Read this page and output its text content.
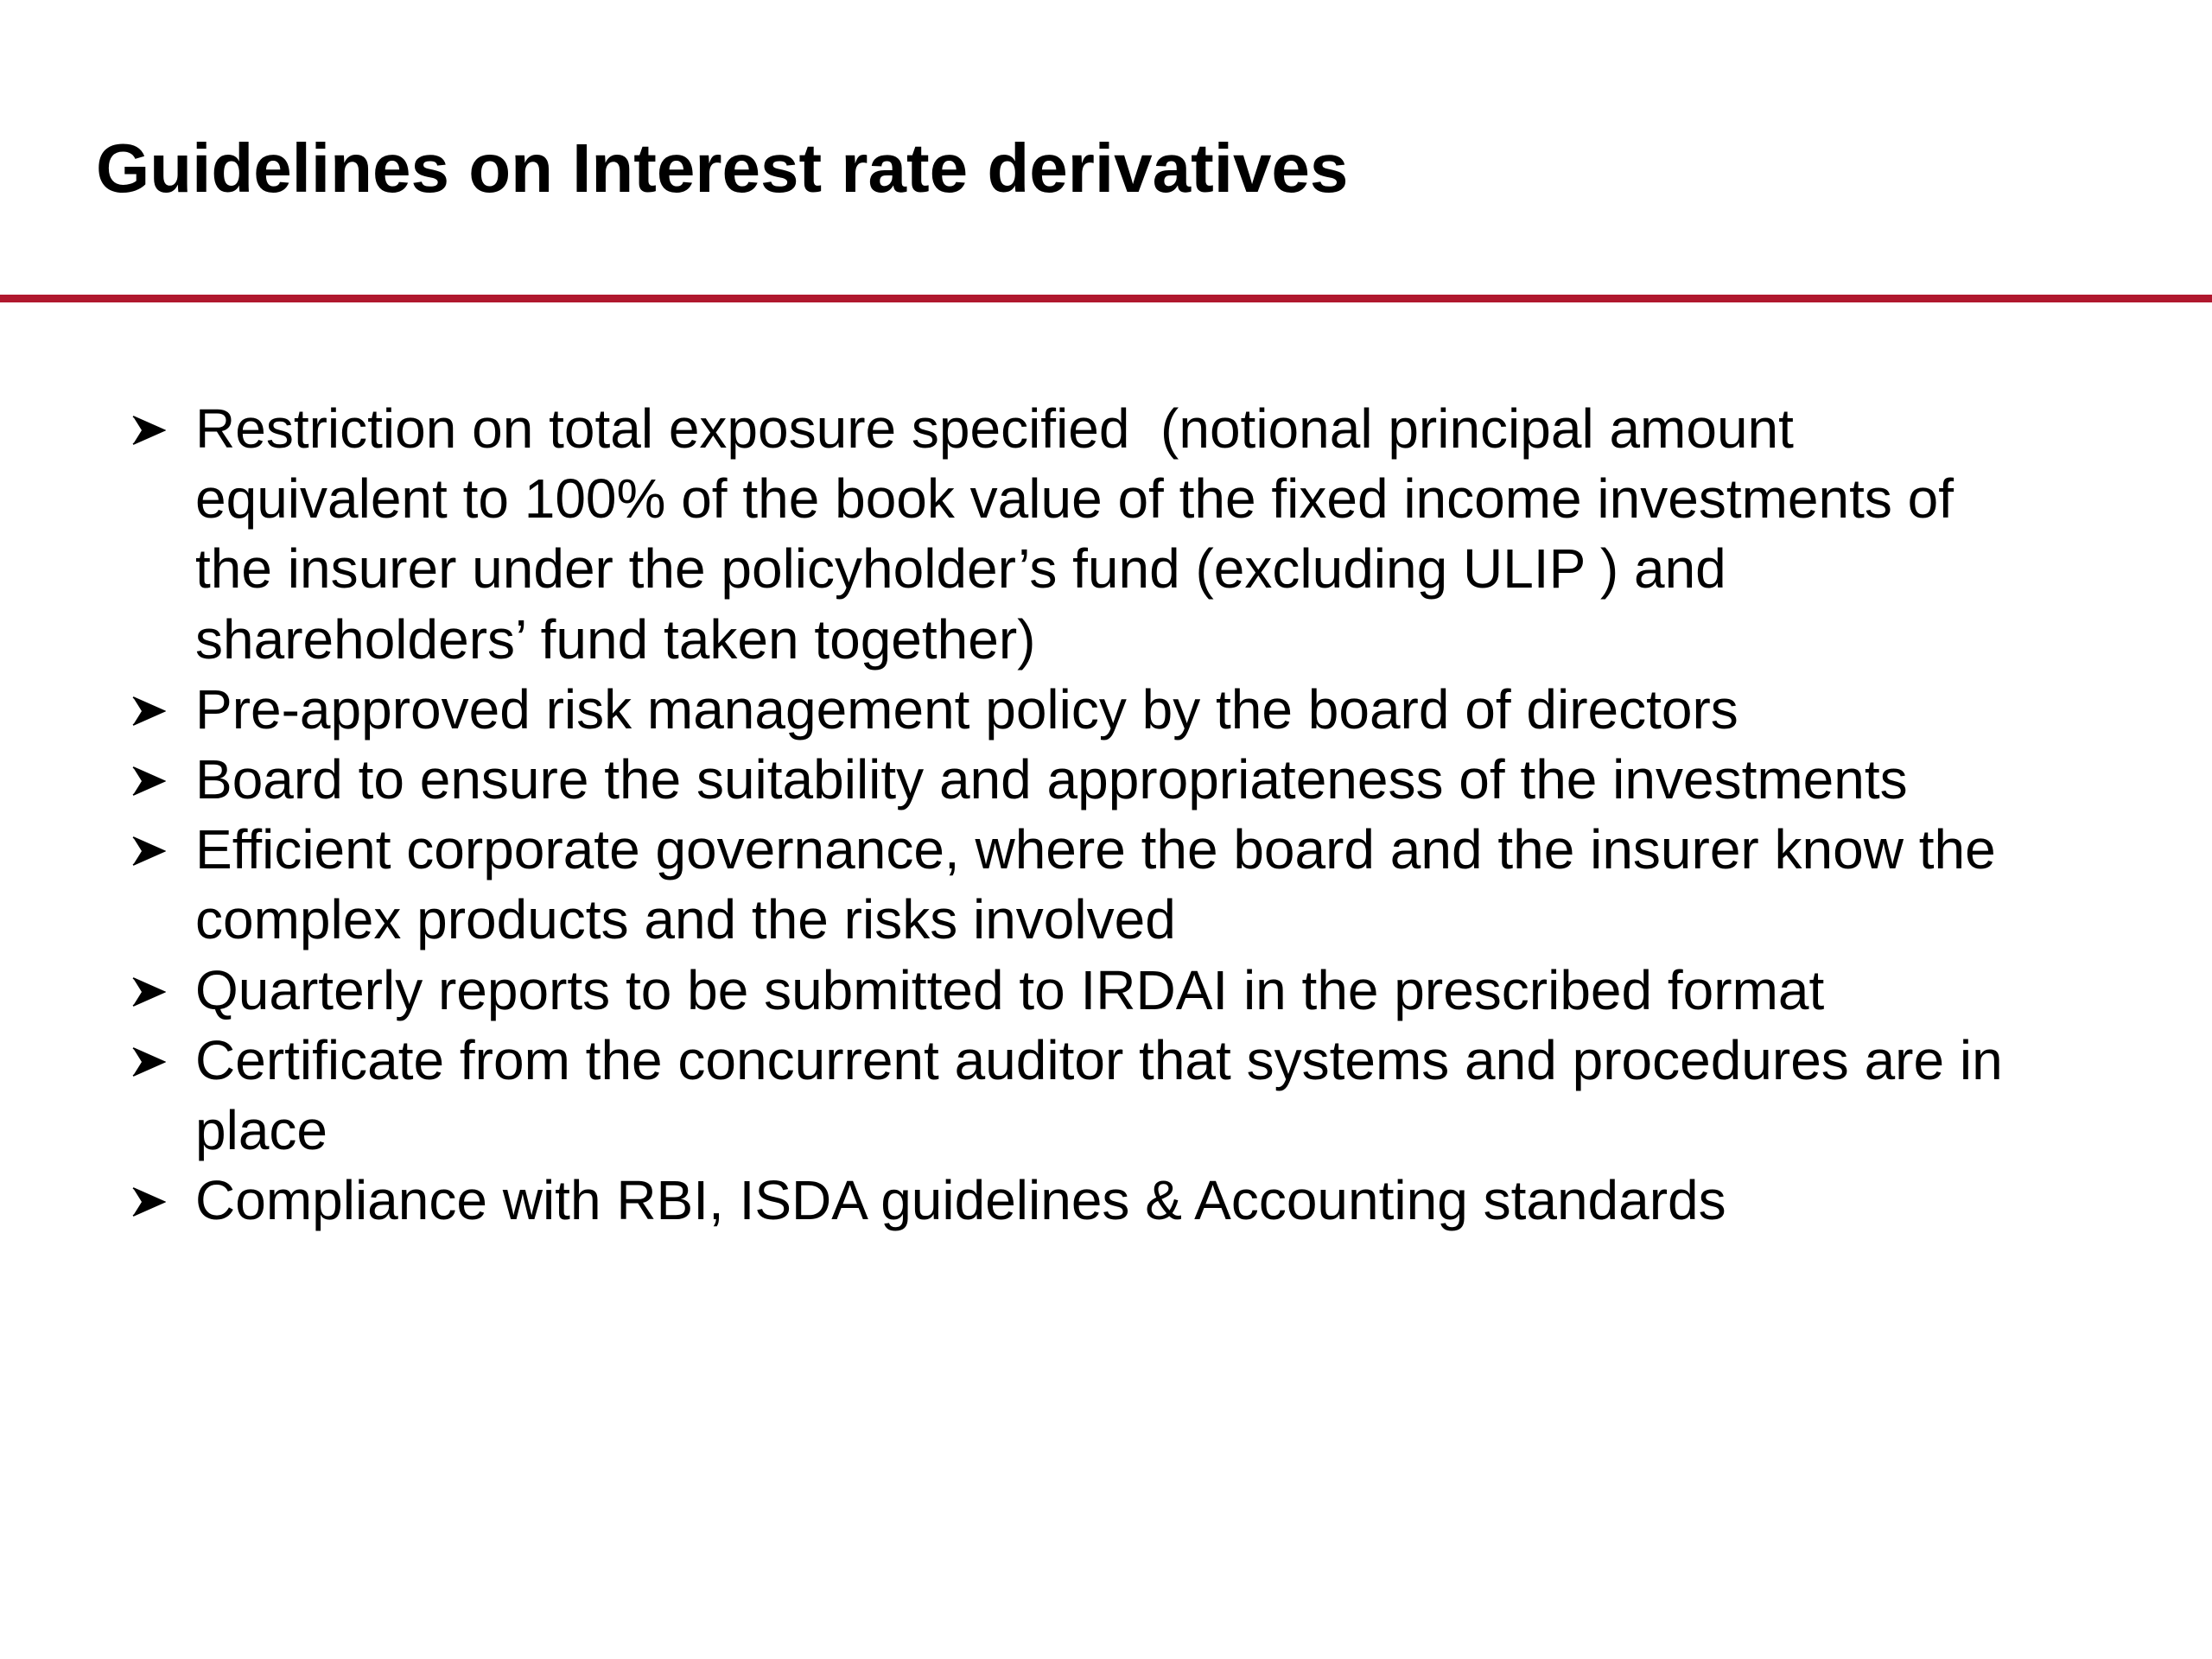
Guidelines on Interest rate derivatives
Restriction on total exposure specified  (notional principal amount
equivalent to 100% of the book value of the fixed income investments of
the insurer under the policyholder’s fund (excluding ULIP ) and
shareholders’ fund taken together)
Pre-approved risk management policy by the board of directors
Board to ensure the suitability and appropriateness of the investments
Efficient corporate governance, where the board and the insurer know the
complex products and the risks involved
Quarterly reports to be submitted to IRDAI in the prescribed format
Certificate from the concurrent auditor that systems and procedures are in
place
Compliance with RBI, ISDA guidelines & Accounting standards
